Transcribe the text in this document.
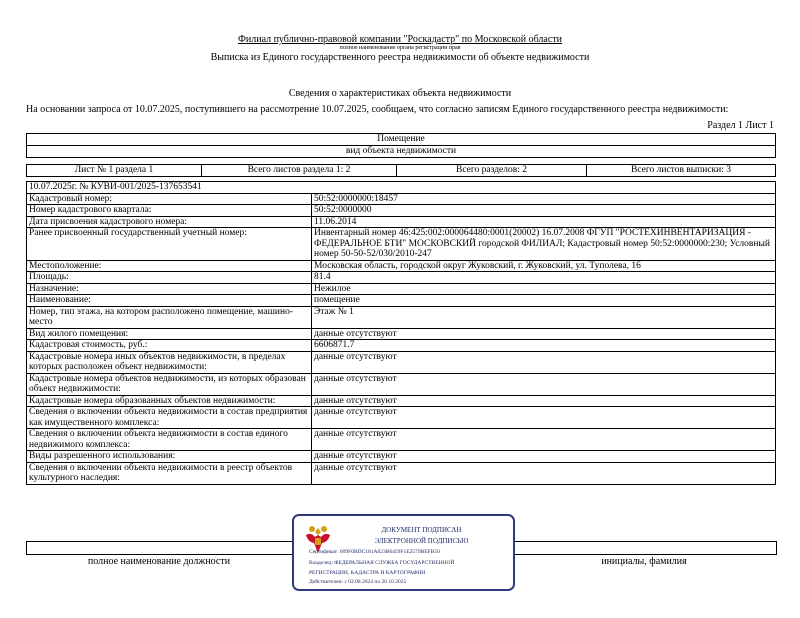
Филиал публично-правовой компании "Роскадастр" по Московской области
полное наименование органа регистрации прав
Выписка из Единого государственного реестра недвижимости об объекте недвижимости
Сведения о характеристиках объекта недвижимости
На основании запроса от 10.07.2025, поступившего на рассмотрение 10.07.2025, сообщаем, что согласно записям Единого государственного реестра недвижимости:
Раздел 1 Лист 1
Помещение
вид объекта недвижимости
Лист № 1 раздела 1	Всего листов раздела 1: 2	Всего разделов: 2	Всего листов выписки: 3
10.07.2025г. № КУВИ-001/2025-137653541	
Кадастровый номер:	50:52:0000000:18457
Номер кадастрового квартала:	50:52:0000000
Дата присвоения кадастрового номера:	11.06.2014
Ранее присвоенный государственный учетный номер:	Инвентарный номер 46:425:002:000064480:0001(20002) 16.07.2008 ФГУП "РОСТЕХИНВЕНТАРИЗАЦИЯ - ФЕДЕРАЛЬНОЕ БТИ" МОСКОВСКИЙ городской ФИЛИАЛ; Кадастровый номер 50:52:0000000:230; Условный номер 50-50-52/030/2010-247
Местоположение:	Московская область, городской округ Жуковский, г. Жуковский, ул. Туполева, 16
Площадь:	81.4
Назначение:	Нежилое
Наименование:	помещение
Номер, тип этажа, на котором расположено помещение, машино-место	Этаж № 1
Вид жилого помещения:	данные отсутствуют
Кадастровая стоимость, руб.:	6606871.7
Кадастровые номера иных объектов недвижимости, в пределах которых расположен объект недвижимости:	данные отсутствуют
Кадастровые номера объектов недвижимости, из которых образован объект недвижимости:	данные отсутствуют
Кадастровые номера образованных объектов недвижимости:	данные отсутствуют
Сведения о включении объекта недвижимости в состав предприятия как имущественного комплекса:	данные отсутствуют
Сведения о включении объекта недвижимости в состав единого недвижимого комплекса:	данные отсутствуют
Виды разрешенного использования:	данные отсутствуют
Сведения о включении объекта недвижимости в реестр объектов культурного наследия:	данные отсутствуют
полное наименование должности	инициалы, фамилия
ДОКУМЕНТ ПОДПИСАН
ЭЛЕКТРОННОЙ ПОДПИСЬЮ
Сертификат: 009F0BDC181A023B6459F1E2579BEFB50
Владелец: ФЕДЕРАЛЬНАЯ СЛУЖБА ГОСУДАРСТВЕННОЙ
РЕГИСТРАЦИИ, КАДАСТРА И КАРТОГРАФИИ
Действителен: с 02.08.2024 по 26.10.2025
